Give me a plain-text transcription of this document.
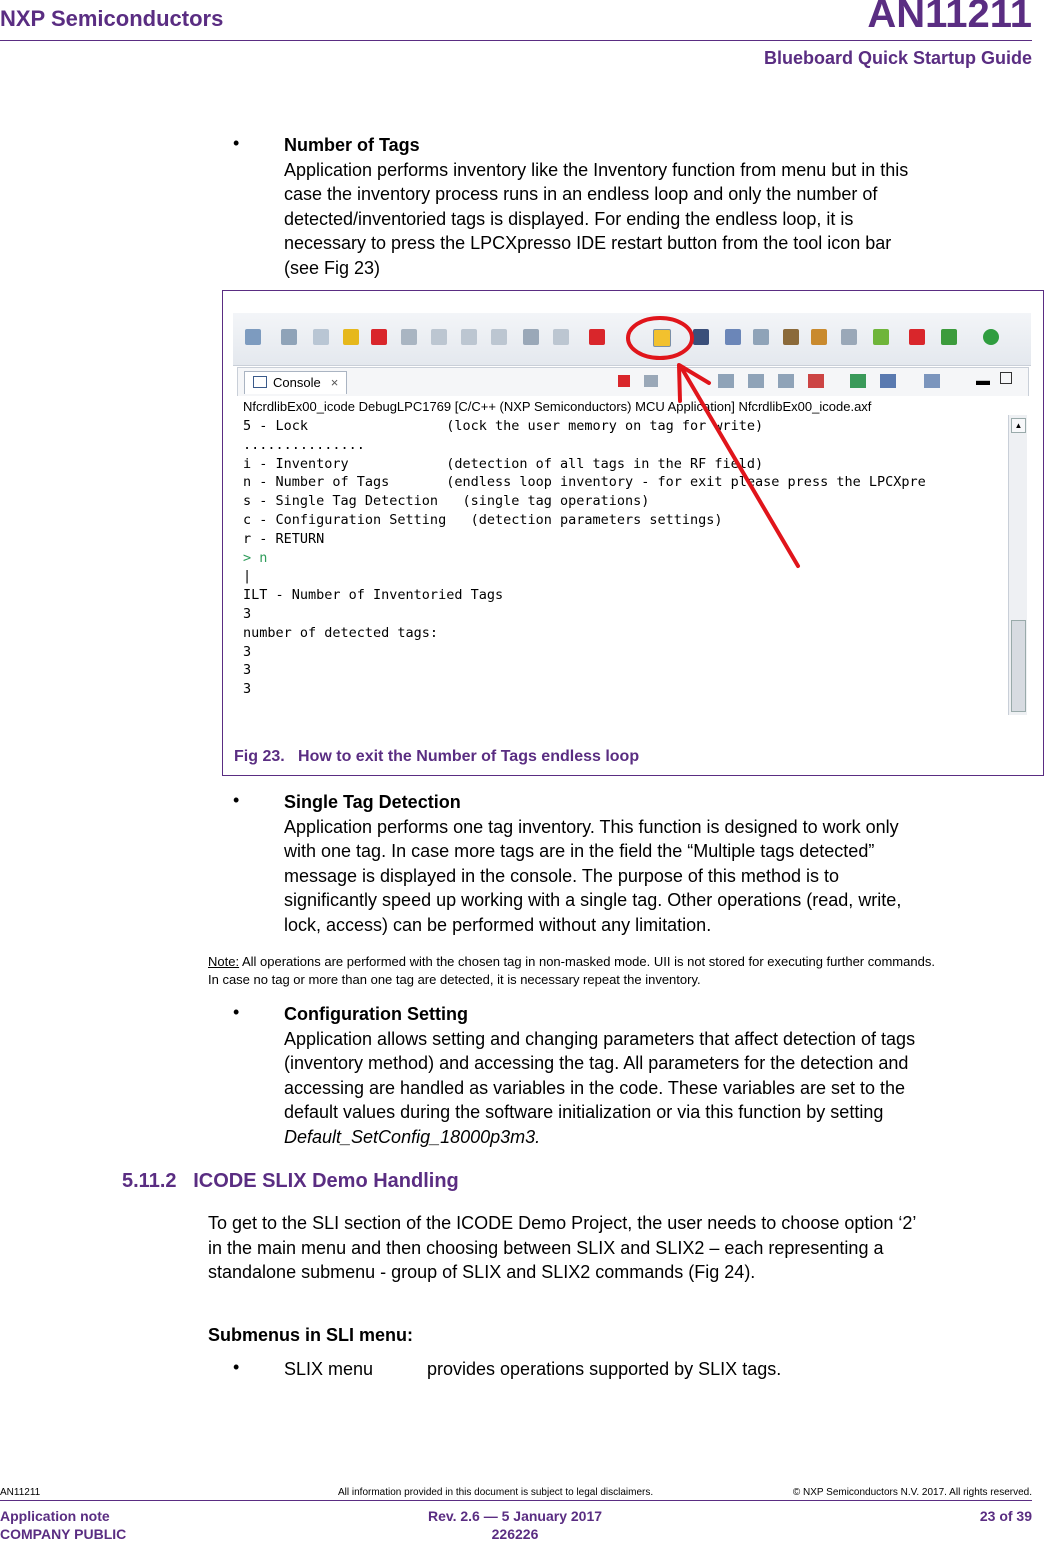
NXP Semiconductors	AN11211
Blueboard Quick Startup Guide
• Number of Tags
Application performs inventory like the Inventory function from menu but in this
case the inventory process runs in an endless loop and only the number of
detected/inventoried tags is displayed. For ending the endless loop, it is
necessary to press the LPCXpresso IDE restart button from the tool icon bar
(see Fig 23)
Console ×	▬
NfcrdlibEx00_icode DebugLPC1769 [C/C++ (NXP Semiconductors) MCU Application] NfcrdlibEx00_icode.axf
5 - Lock                 (lock the user memory on tag for write)
...............
i - Inventory            (detection of all tags in the RF field)
n - Number of Tags       (endless loop inventory - for exit please press the LPCXpre
s - Single Tag Detection   (single tag operations)
c - Configuration Setting   (detection parameters settings)
r - RETURN
> n
|
ILT - Number of Inventoried Tags
3
number of detected tags:
3
3
3
▲
Fig 23. How to exit the Number of Tags endless loop
• Single Tag Detection
Application performs one tag inventory. This function is designed to work only
with one tag. In case more tags are in the field the “Multiple tags detected”
message is displayed in the console. The purpose of this method is to
significantly speed up working with a single tag. Other operations (read, write,
lock, access) can be performed without any limitation.
Note: All operations are performed with the chosen tag in non-masked mode. UII is not stored for executing further commands.
In case no tag or more than one tag are detected, it is necessary repeat the inventory.
• Configuration Setting
Application allows setting and changing parameters that affect detection of tags
(inventory method) and accessing the tag. All parameters for the detection and
accessing are handled as variables in the code. These variables are set to the
default values during the software initialization or via this function by setting
Default_SetConfig_18000p3m3.
5.11.2 ICODE SLIX Demo Handling
To get to the SLI section of the ICODE Demo Project, the user needs to choose option ‘2’
in the main menu and then choosing between SLIX and SLIX2 – each representing a
standalone submenu - group of SLIX and SLIX2 commands (Fig 24).
Submenus in SLI menu:
• SLIX menu	provides operations supported by SLIX tags.
AN11211	All information provided in this document is subject to legal disclaimers.	© NXP Semiconductors N.V. 2017. All rights reserved.
Application note
COMPANY PUBLIC
Rev. 2.6 — 5 January 2017
226226
23 of 39
